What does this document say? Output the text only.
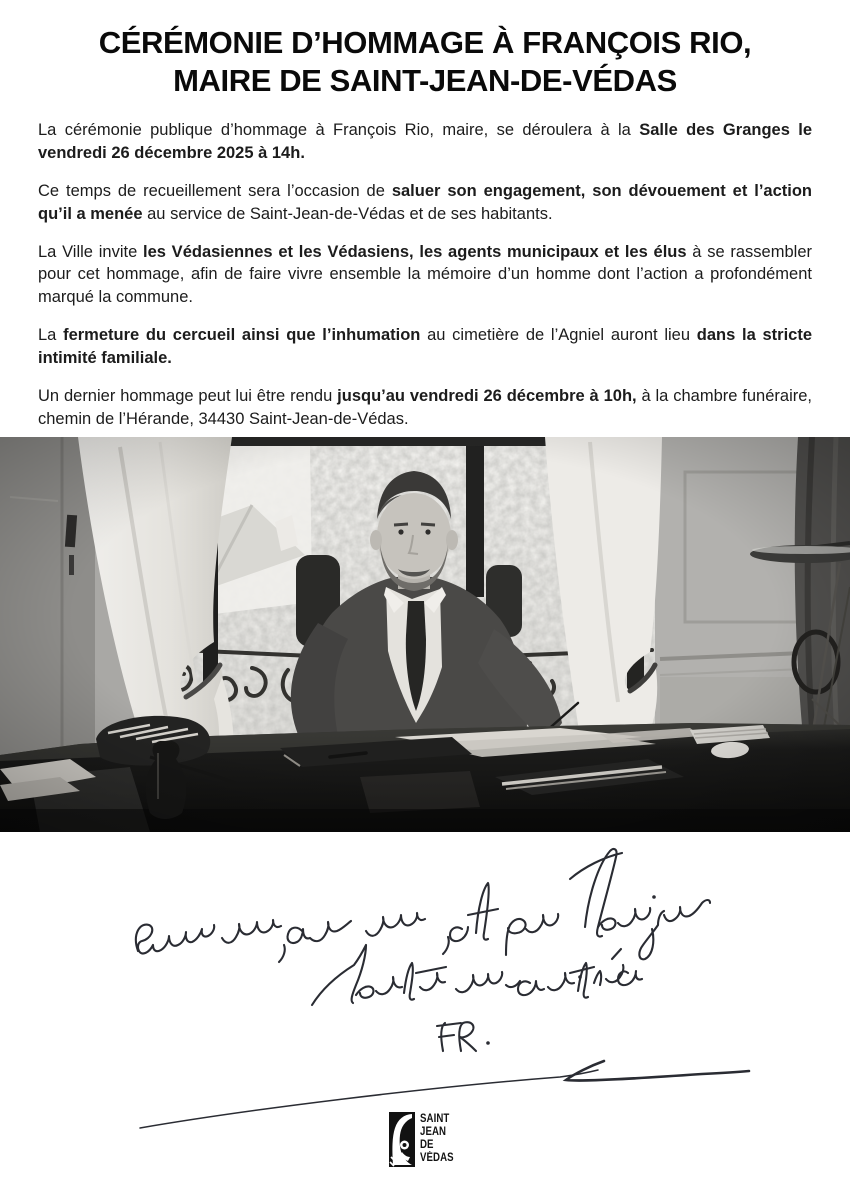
CÉRÉMONIE D’HOMMAGE À FRANÇOIS RIO,
MAIRE DE SAINT-JEAN-DE-VÉDAS

La cérémonie publique d’hommage à François Rio, maire, se déroulera à la Salle des Granges le vendredi 26 décembre 2025 à 14h.

Ce temps de recueillement sera l’occasion de saluer son engagement, son dévouement et l’action qu’il a menée au service de Saint-Jean-de-Védas et de ses habitants.

La Ville invite les Védasiennes et les Védasiens, les agents municipaux et les élus à se rassembler pour cet hommage, afin de faire vivre ensemble la mémoire d’un homme dont l’action a profondément marqué la commune.

La fermeture du cercueil ainsi que l’inhumation au cimetière de l’Agniel auront lieu dans la stricte intimité familiale.

Un dernier hommage peut lui être rendu jusqu’au vendredi 26 décembre à 10h, à la chambre funéraire, chemin de l’Hérande, 34430 Saint-Jean-de-Védas.

SAINT
JEAN
DE
VÉDAS
